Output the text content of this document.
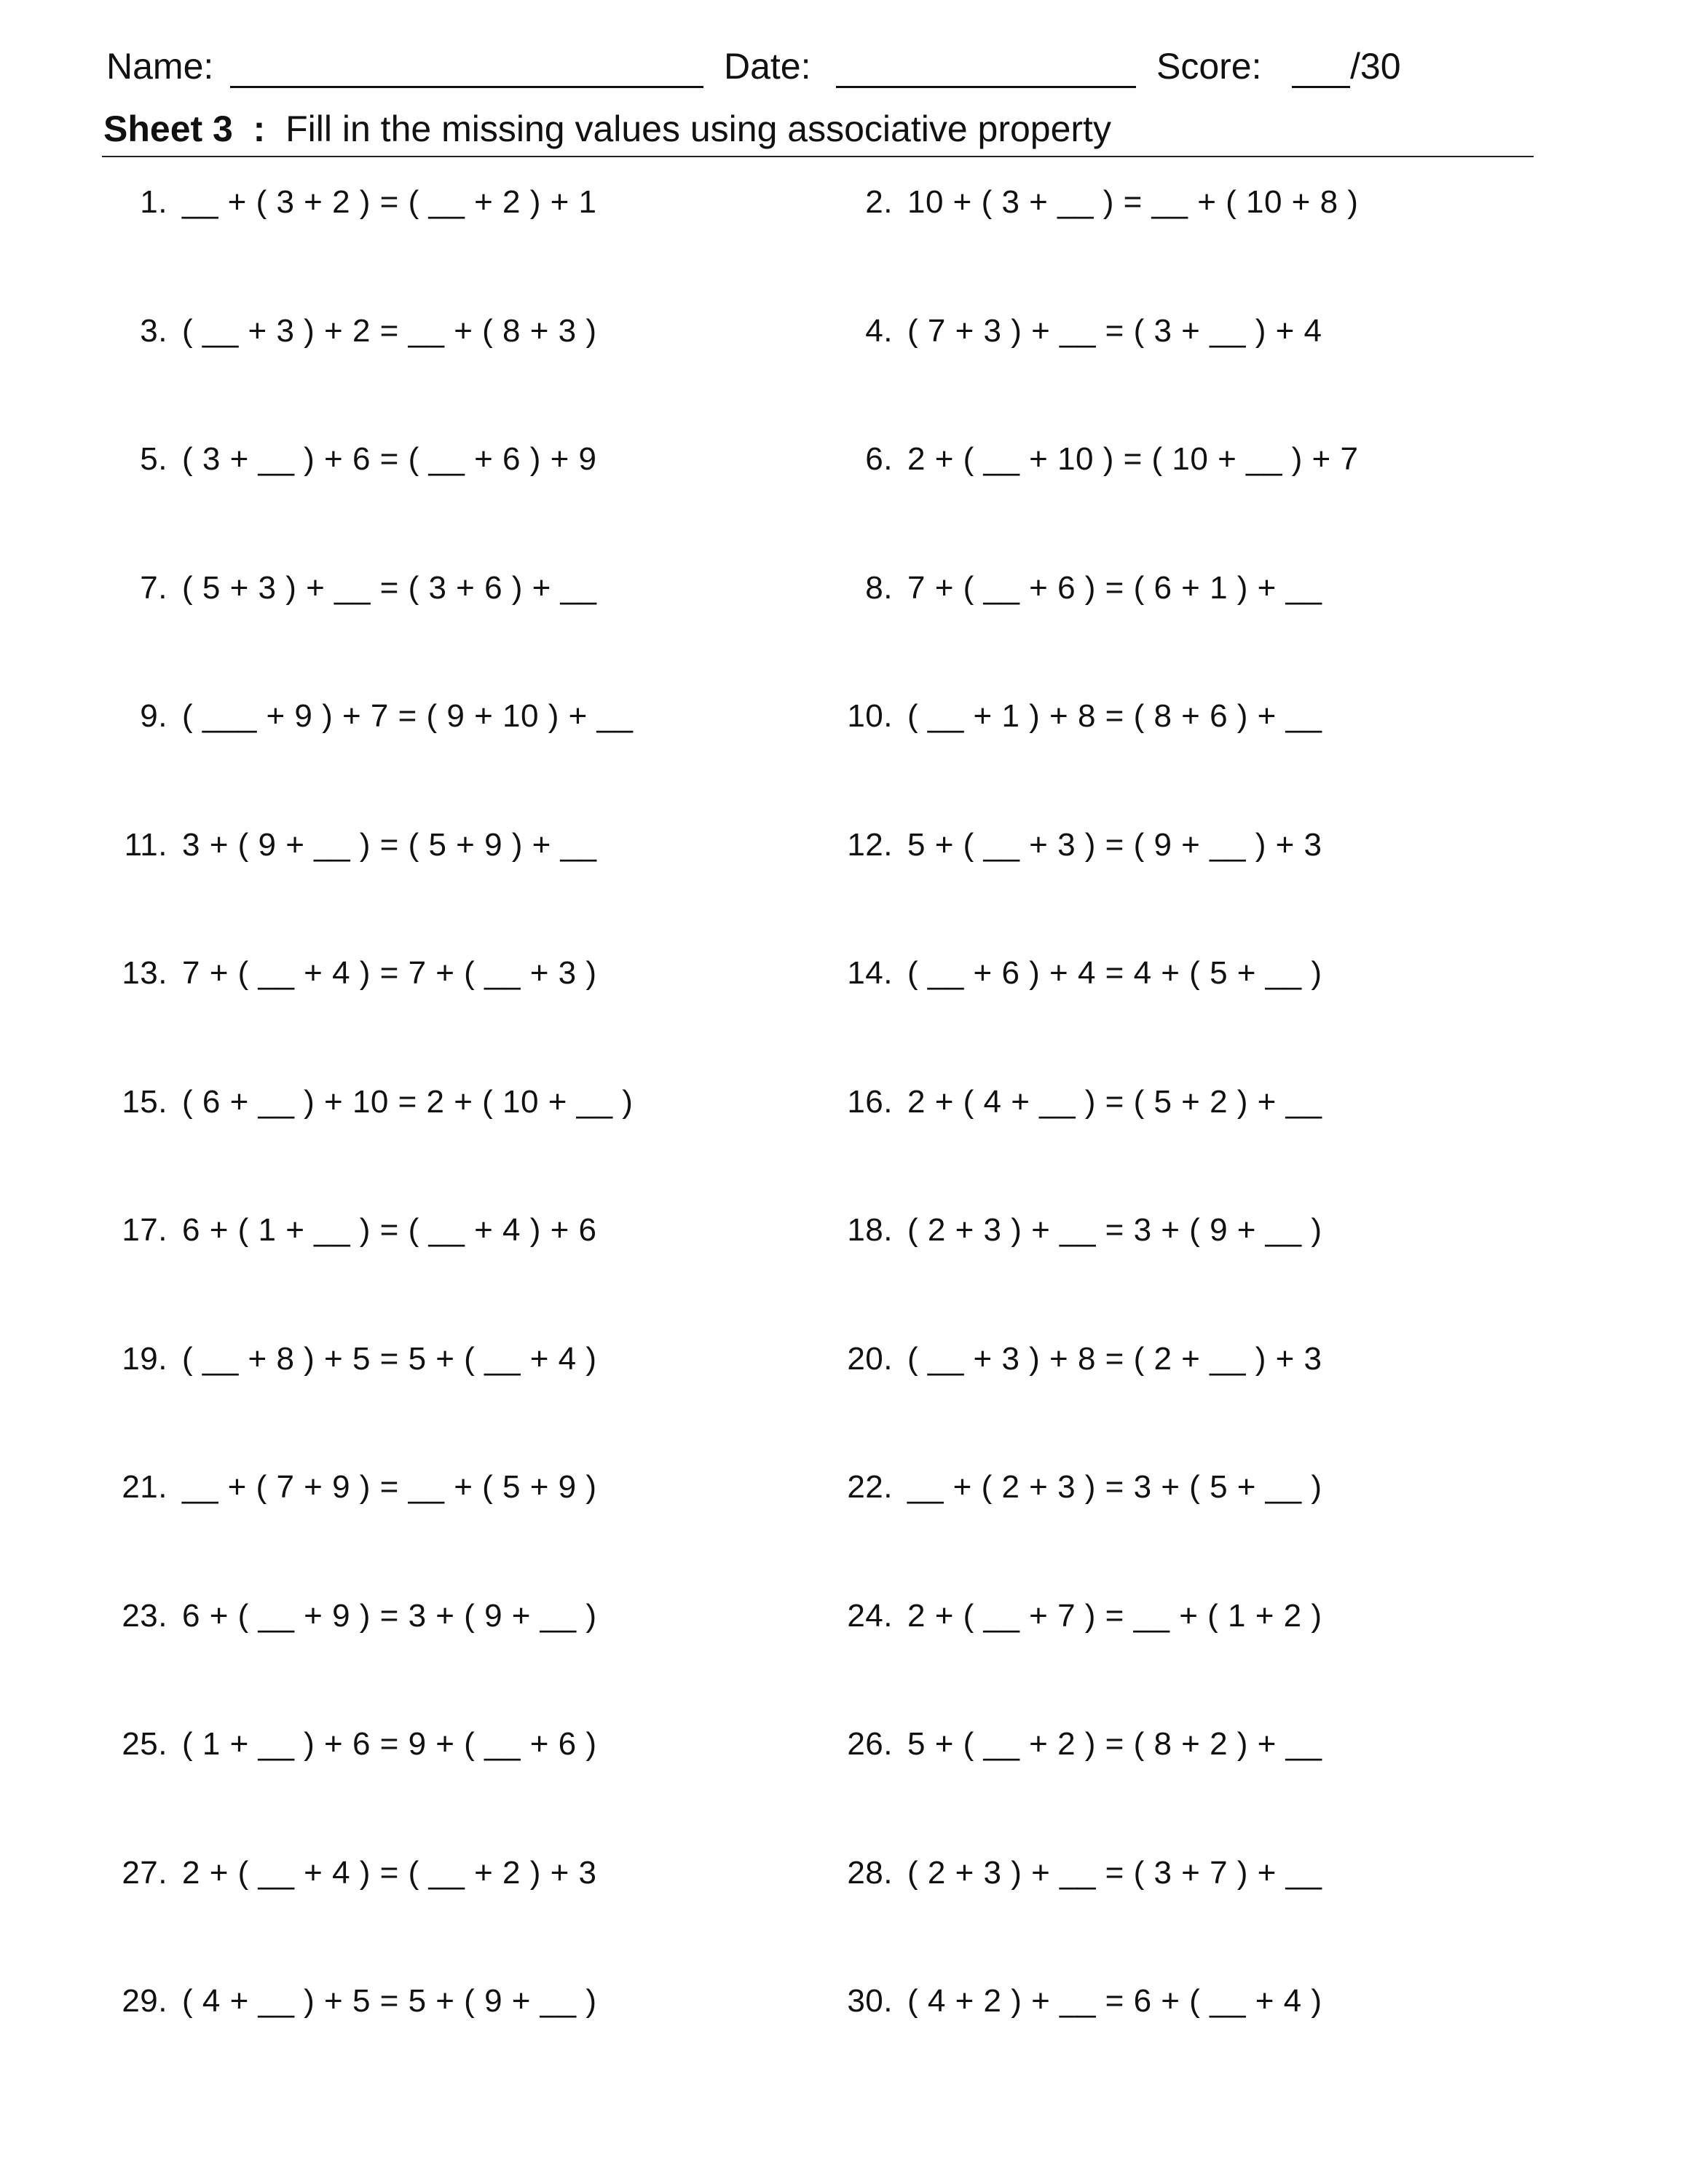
Name:	Date:	Score: /30
Sheet 3 : Fill in the missing values using associative property
1. __ + ( 3 + 2 ) = ( __ + 2 ) + 1	2. 10 + ( 3 + __ ) = __ + ( 10 + 8 )
3. ( __ + 3 ) + 2 = __ + ( 8 + 3 )	4. ( 7 + 3 ) + __ = ( 3 + __ ) + 4
5. ( 3 + __ ) + 6 = ( __ + 6 ) + 9	6. 2 + ( __ + 10 ) = ( 10 + __ ) + 7
7. ( 5 + 3 ) + __ = ( 3 + 6 ) + __	8. 7 + ( __ + 6 ) = ( 6 + 1 ) + __
9. ( ___ + 9 ) + 7 = ( 9 + 10 ) + __	10. ( __ + 1 ) + 8 = ( 8 + 6 ) + __
11. 3 + ( 9 + __ ) = ( 5 + 9 ) + __	12. 5 + ( __ + 3 ) = ( 9 + __ ) + 3
13. 7 + ( __ + 4 ) = 7 + ( __ + 3 )	14. ( __ + 6 ) + 4 = 4 + ( 5 + __ )
15. ( 6 + __ ) + 10 = 2 + ( 10 + __ )	16. 2 + ( 4 + __ ) = ( 5 + 2 ) + __
17. 6 + ( 1 + __ ) = ( __ + 4 ) + 6	18. ( 2 + 3 ) + __ = 3 + ( 9 + __ )
19. ( __ + 8 ) + 5 = 5 + ( __ + 4 )	20. ( __ + 3 ) + 8 = ( 2 + __ ) + 3
21. __ + ( 7 + 9 ) = __ + ( 5 + 9 )	22. __ + ( 2 + 3 ) = 3 + ( 5 + __ )
23. 6 + ( __ + 9 ) = 3 + ( 9 + __ )	24. 2 + ( __ + 7 ) = __ + ( 1 + 2 )
25. ( 1 + __ ) + 6 = 9 + ( __ + 6 )	26. 5 + ( __ + 2 ) = ( 8 + 2 ) + __
27. 2 + ( __ + 4 ) = ( __ + 2 ) + 3	28. ( 2 + 3 ) + __ = ( 3 + 7 ) + __
29. ( 4 + __ ) + 5 = 5 + ( 9 + __ )	30. ( 4 + 2 ) + __ = 6 + ( __ + 4 )
